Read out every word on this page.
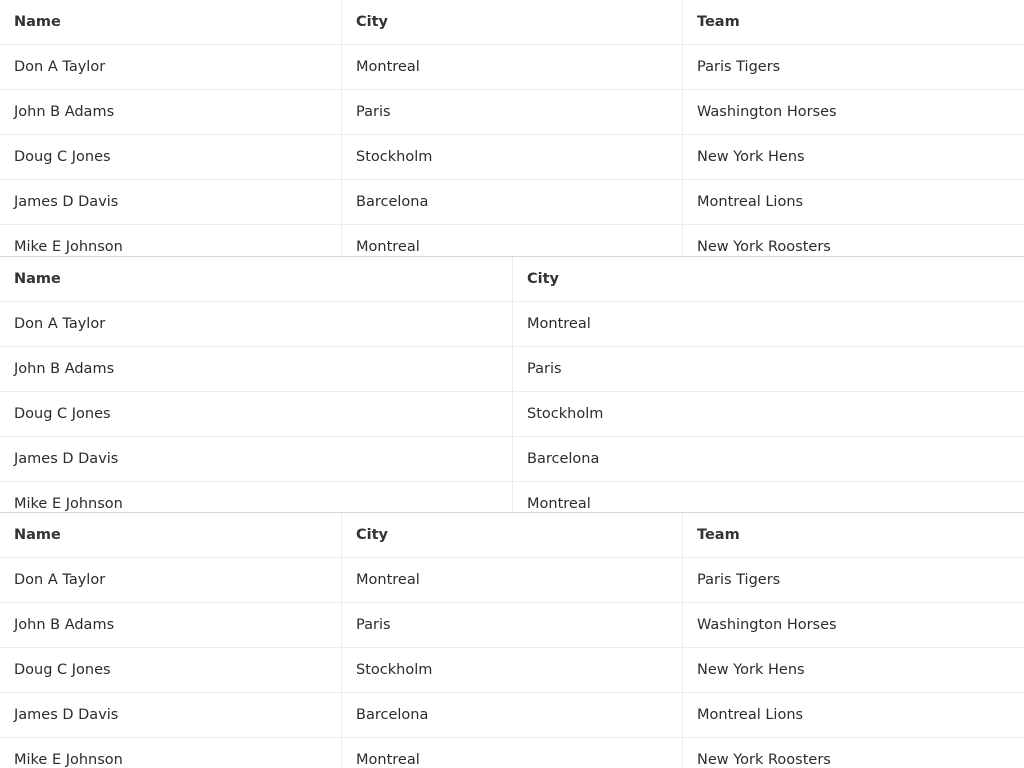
Name	City	Team
Don A Taylor	Montreal	Paris Tigers
John B Adams	Paris	Washington Horses
Doug C Jones	Stockholm	New York Hens
James D Davis	Barcelona	Montreal Lions
Mike E Johnson	Montreal	New York Roosters
Name	City
Don A Taylor	Montreal
John B Adams	Paris
Doug C Jones	Stockholm
James D Davis	Barcelona
Mike E Johnson	Montreal
Name	City	Team
Don A Taylor	Montreal	Paris Tigers
John B Adams	Paris	Washington Horses
Doug C Jones	Stockholm	New York Hens
James D Davis	Barcelona	Montreal Lions
Mike E Johnson	Montreal	New York Roosters
